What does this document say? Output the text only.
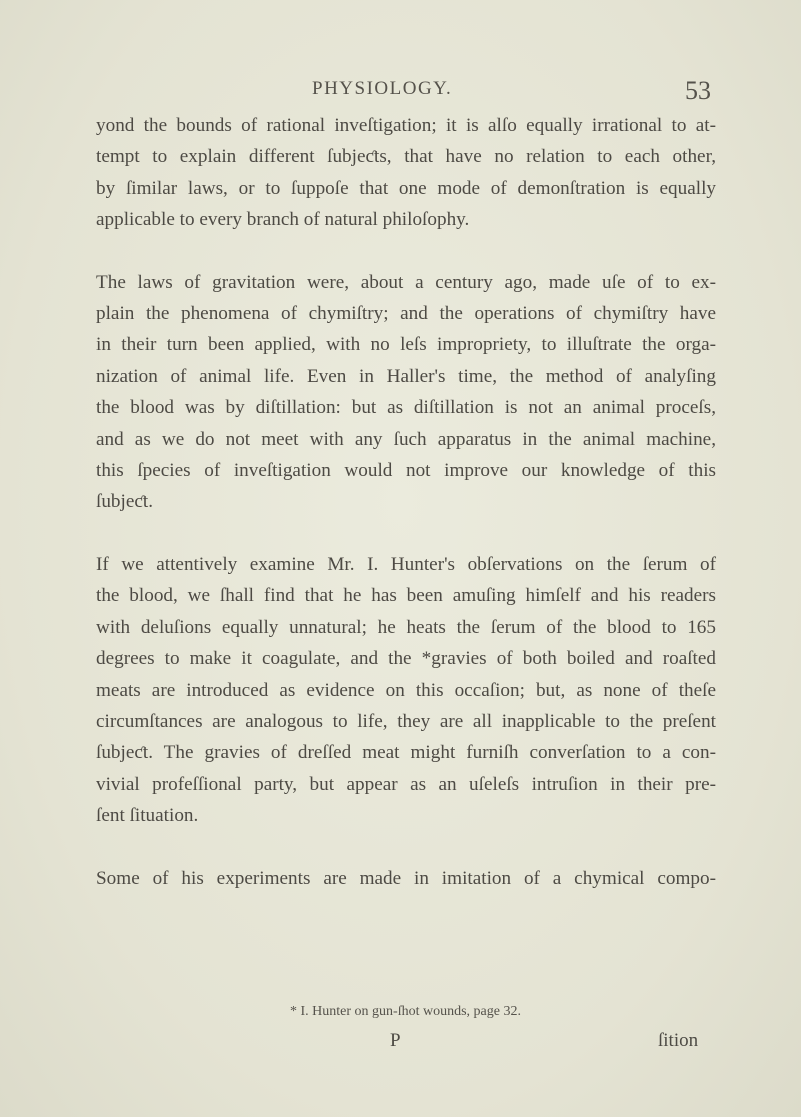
PHYSIOLOGY.	53
yond the bounds of rational inveſtigation; it is alſo equally irrational to at-
tempt to explain different ſubjeƈts, that have no relation to each other,
by ſimilar laws, or to ſuppoſe that one mode of demonſtration is equally
applicable to every branch of natural philoſophy.
The laws of gravitation were, about a century ago, made uſe of to ex-
plain the phenomena of chymiſtry; and the operations of chymiſtry have
in their turn been applied, with no leſs impropriety, to illuſtrate the orga-
nization of animal life. Even in Haller's time, the method of analyſing
the blood was by diſtillation: but as diſtillation is not an animal proceſs,
and as we do not meet with any ſuch apparatus in the animal machine,
this ſpecies of inveſtigation would not improve our knowledge of this
ſubjeƈt.
If we attentively examine Mr. I. Hunter's obſervations on the ſerum of
the blood, we ſhall find that he has been amuſing himſelf and his readers
with deluſions equally unnatural; he heats the ſerum of the blood to 165
degrees to make it coagulate, and the *gravies of both boiled and roaſted
meats are introduced as evidence on this occaſion; but, as none of theſe
circumſtances are analogous to life, they are all inapplicable to the preſent
ſubjeƈt. The gravies of dreſſed meat might furniſh converſation to a con-
vivial profeſſional party, but appear as an uſeleſs intruſion in their pre-
ſent ſituation.
Some of his experiments are made in imitation of a chymical compo-
* I. Hunter on gun-ſhot wounds, page 32.
P	ſition
